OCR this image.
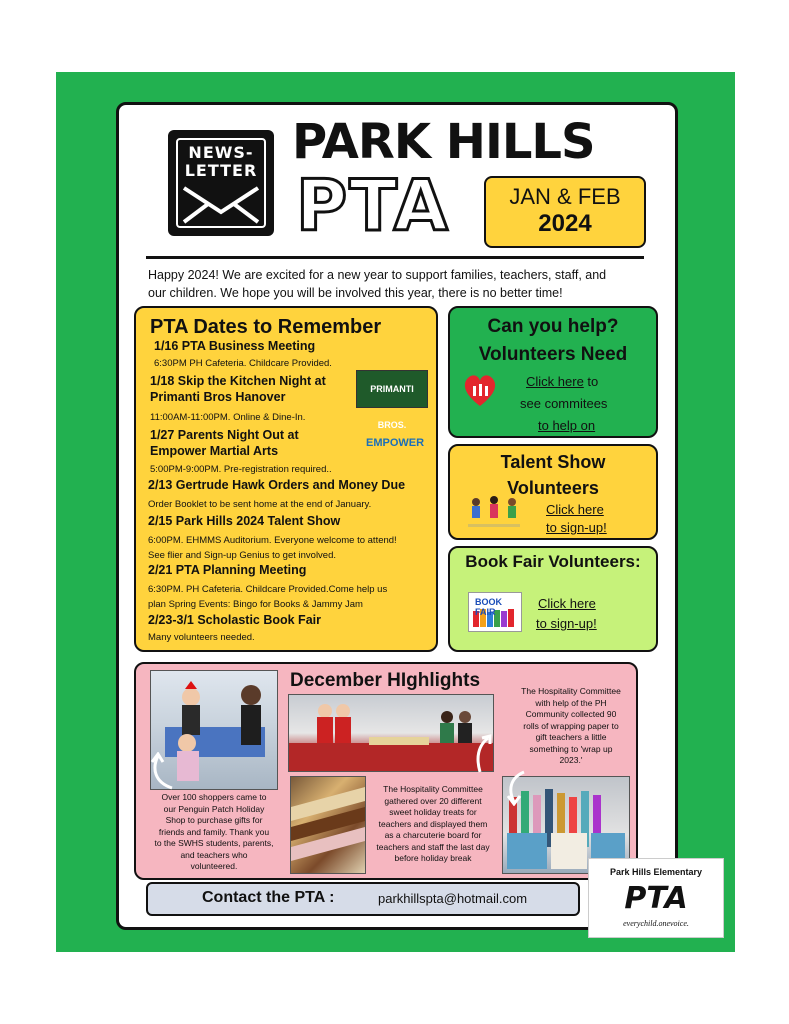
NEWS-
LETTER
PARK HILLS
PTA	JAN & FEB
2024
Happy 2024! We are excited for a new year to support families, teachers, staff, and
our children. We hope you will be involved this year, there is no better time!
PTA Dates to Remember
1/16 PTA Business Meeting
6:30PM PH Cafeteria. Childcare Provided.
1/18 Skip the Kitchen Night at
Primanti Bros Hanover
11:00AM-11:00PM. Online & Dine-In.
PRIMANTI BROS.
1/27 Parents Night Out at
Empower Martial Arts
5:00PM-9:00PM. Pre-registration required..
EMPOWER
2/13 Gertrude Hawk Orders and Money Due
Order Booklet to be sent home at the end of January.
2/15 Park Hills 2024 Talent Show
6:00PM. EHMMS Auditorium. Everyone welcome to attend!
See flier and Sign-up Genius to get involved.
2/21 PTA Planning Meeting
6:30PM. PH Cafeteria. Childcare Provided.Come help us
plan Spring Events: Bingo for Books & Jammy Jam
2/23-3/1 Scholastic Book Fair
Many volunteers needed.
Can you help?
Volunteers Need
Click here to
see commitees
to help on
Talent Show
Volunteers
Click here
to sign-up!
Book Fair Volunteers:
BOOK FAIR
Click here
to sign-up!
December HIghlights
Over 100 shoppers came to
our Penguin Patch Holiday
Shop to purchase gifts for
friends and family. Thank you
to the SWHS students, parents,
and teachers who
volunteered.
The Hospitality Committee
gathered over 20 different
sweet holiday treats for
teachers and displayed them
as a charcuterie board for
teachers and staff the last day
before holiday break
The Hospitality Committee
with help of the PH
Community collected 90
rolls of wrapping paper to
gift teachers a little
something to 'wrap up
2023.'
Contact the PTA :	parkhillspta@hotmail.com
Park Hills Elementary
PTA
everychild.onevoice.
